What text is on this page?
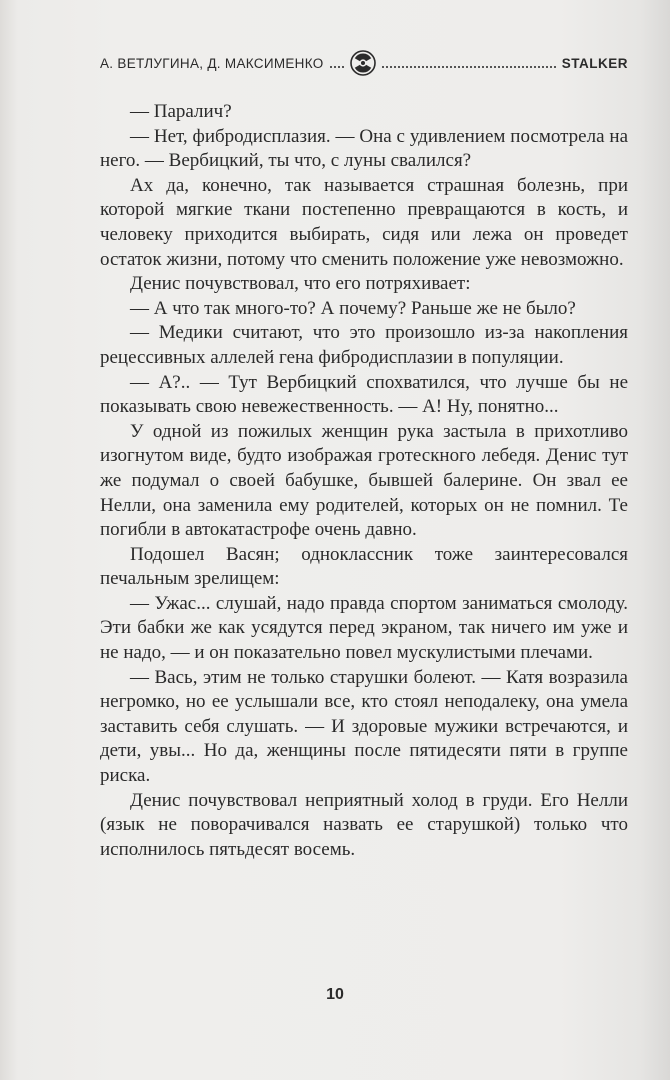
А. ВЕТЛУГИНА, Д. МАКСИМЕНКО	STALKER

— Паралич?

— Нет, фибродисплазия. — Она с удивлением посмотрела на него. — Вербицкий, ты что, с луны свалился?

Ах да, конечно, так называется страшная болезнь, при которой мягкие ткани постепенно превращаются в кость, и человеку приходится выбирать, сидя или лежа он проведет остаток жизни, потому что сменить положение уже невозможно.

Денис почувствовал, что его потряхивает:

— А что так много-то? А почему? Раньше же не было?

— Медики считают, что это произошло из-за накопления рецессивных аллелей гена фибродисплазии в популяции.

— А?.. — Тут Вербицкий спохватился, что лучше бы не показывать свою невежественность. — А! Ну, понятно...

У одной из пожилых женщин рука застыла в прихотливо изогнутом виде, будто изображая гротескного лебедя. Денис тут же подумал о своей бабушке, бывшей балерине. Он звал ее Нелли, она заменила ему родителей, которых он не помнил. Те погибли в автокатастрофе очень давно.

Подошел Васян; одноклассник тоже заинтересовался печальным зрелищем:

— Ужас... слушай, надо правда спортом заниматься смолоду. Эти бабки же как усядутся перед экраном, так ничего им уже и не надо, — и он показательно повел мускулистыми плечами.

— Вась, этим не только старушки болеют. — Катя возразила негромко, но ее услышали все, кто стоял неподалеку, она умела заставить себя слушать. — И здоровые мужики встречаются, и дети, увы... Но да, женщины после пятидесяти пяти в группе риска.

Денис почувствовал неприятный холод в груди. Его Нелли (язык не поворачивался назвать ее старушкой) только что исполнилось пятьдесят восемь.

10
